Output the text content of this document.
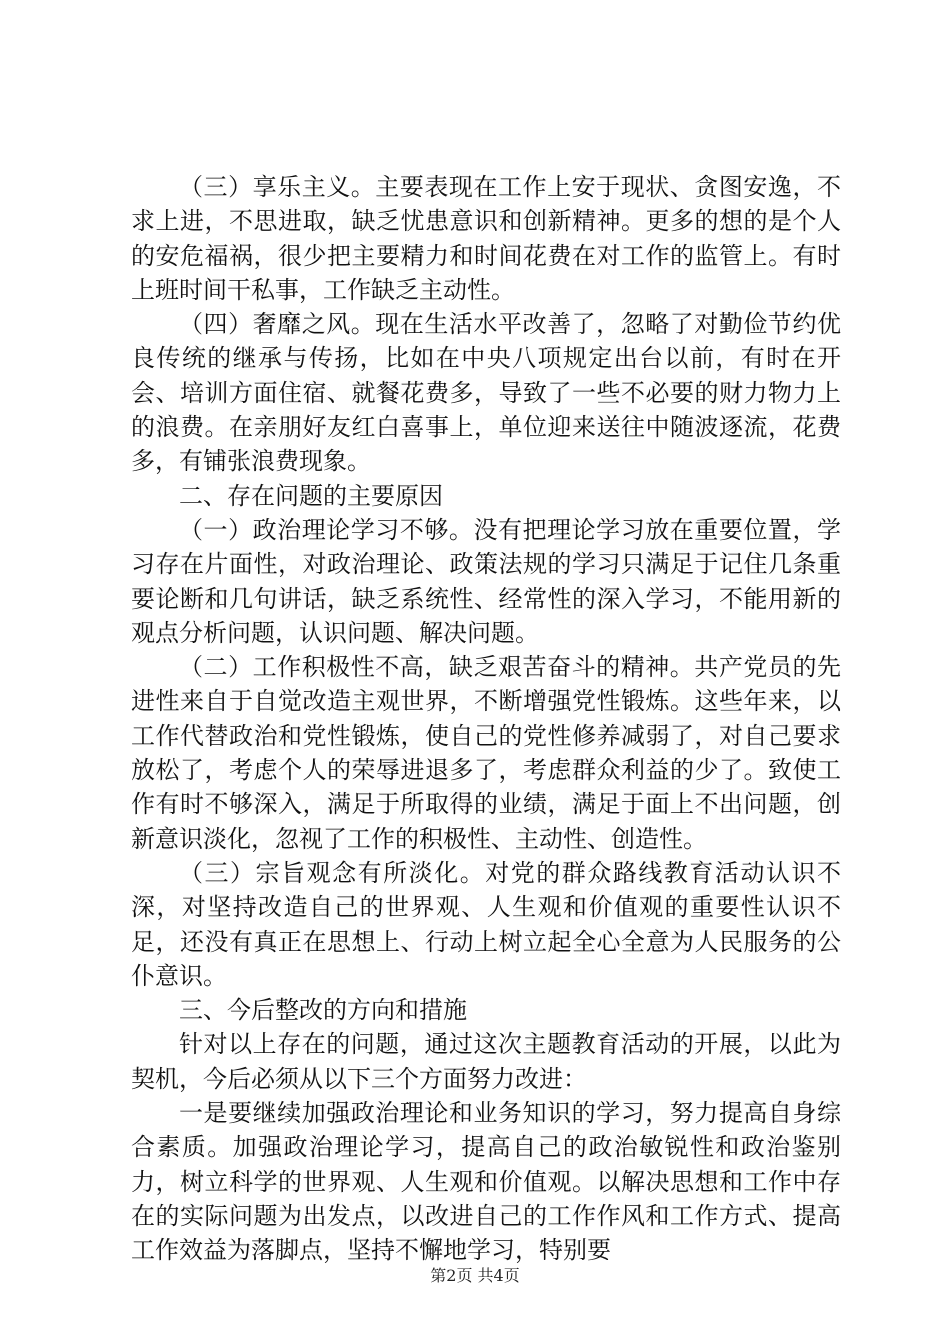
（三）享乐主义。主要表现在工作上安于现状、贪图安逸，不求上进，不思进取，缺乏忧患意识和创新精神。更多的想的是个人的安危福祸，很少把主要精力和时间花费在对工作的监管上。有时上班时间干私事，工作缺乏主动性。

（四）奢靡之风。现在生活水平改善了，忽略了对勤俭节约优良传统的继承与传扬，比如在中央八项规定出台以前，有时在开会、培训方面住宿、就餐花费多，导致了一些不必要的财力物力上的浪费。在亲朋好友红白喜事上，单位迎来送往中随波逐流，花费多，有铺张浪费现象。

二、存在问题的主要原因

（一）政治理论学习不够。没有把理论学习放在重要位置，学习存在片面性，对政治理论、政策法规的学习只满足于记住几条重要论断和几句讲话，缺乏系统性、经常性的深入学习，不能用新的观点分析问题，认识问题、解决问题。

（二）工作积极性不高，缺乏艰苦奋斗的精神。共产党员的先进性来自于自觉改造主观世界，不断增强党性锻炼。这些年来，以工作代替政治和党性锻炼，使自己的党性修养减弱了，对自己要求放松了，考虑个人的荣辱进退多了，考虑群众利益的少了。致使工作有时不够深入，满足于所取得的业绩，满足于面上不出问题，创新意识淡化，忽视了工作的积极性、主动性、创造性。

（三）宗旨观念有所淡化。对党的群众路线教育活动认识不深，对坚持改造自己的世界观、人生观和价值观的重要性认识不足，还没有真正在思想上、行动上树立起全心全意为人民服务的公仆意识。

三、今后整改的方向和措施

针对以上存在的问题，通过这次主题教育活动的开展，以此为契机，今后必须从以下三个方面努力改进：

一是要继续加强政治理论和业务知识的学习，努力提高自身综合素质。加强政治理论学习，提高自己的政治敏锐性和政治鉴别力，树立科学的世界观、人生观和价值观。以解决思想和工作中存在的实际问题为出发点，以改进自己的工作作风和工作方式、提高工作效益为落脚点，坚持不懈地学习，特别要

第2页 共4页
